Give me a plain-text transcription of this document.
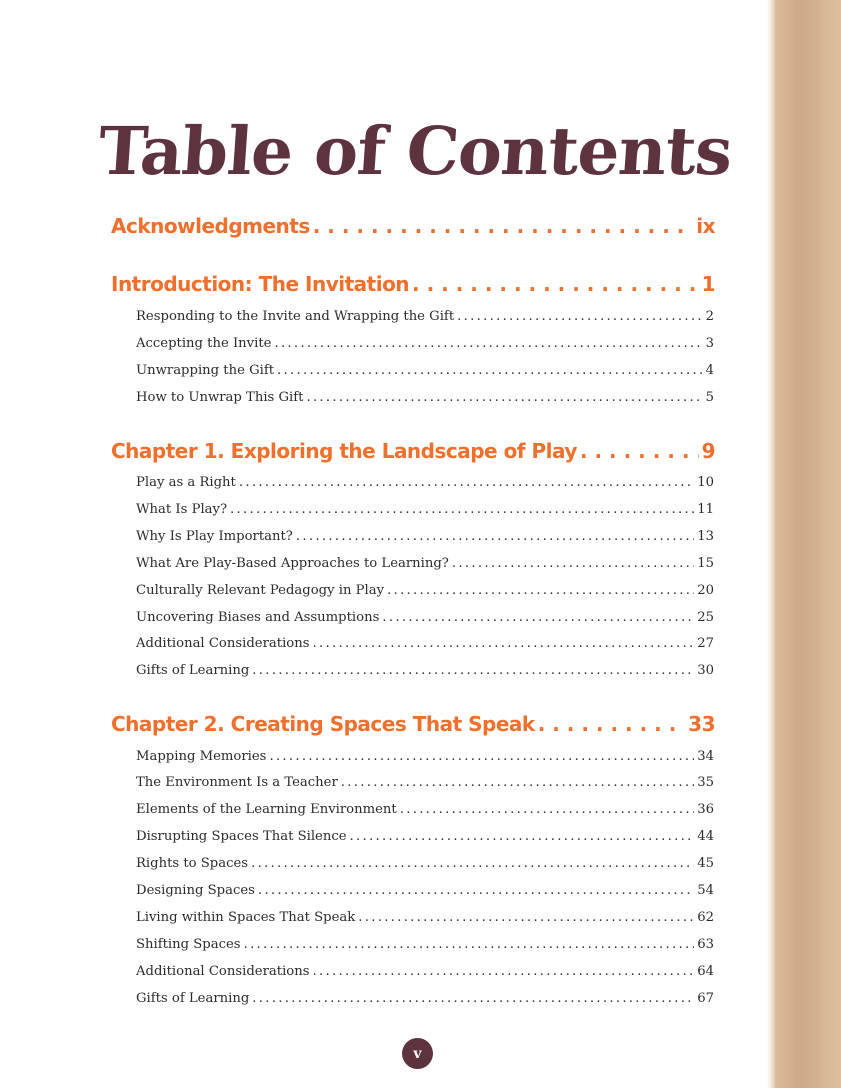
Table of Contents
Acknowledgments . . .	ix
Introduction: The Invitation . . .	1
Responding to the Invite and Wrapping the Gift .....	2
Accepting the Invite .....	3
Unwrapping the Gift .....	4
How to Unwrap This Gift .....	5
Chapter 1. Exploring the Landscape of Play . . .	9
Play as a Right .....	10
What Is Play? .....	11
Why Is Play Important? .....	13
What Are Play-Based Approaches to Learning? .....	15
Culturally Relevant Pedagogy in Play .....	20
Uncovering Biases and Assumptions .....	25
Additional Considerations .....	27
Gifts of Learning .....	30
Chapter 2. Creating Spaces That Speak . . .	33
Mapping Memories .....	34
The Environment Is a Teacher .....	35
Elements of the Learning Environment .....	36
Disrupting Spaces That Silence .....	44
Rights to Spaces .....	45
Designing Spaces .....	54
Living within Spaces That Speak .....	62
Shifting Spaces .....	63
Additional Considerations .....	64
Gifts of Learning .....	67
v
